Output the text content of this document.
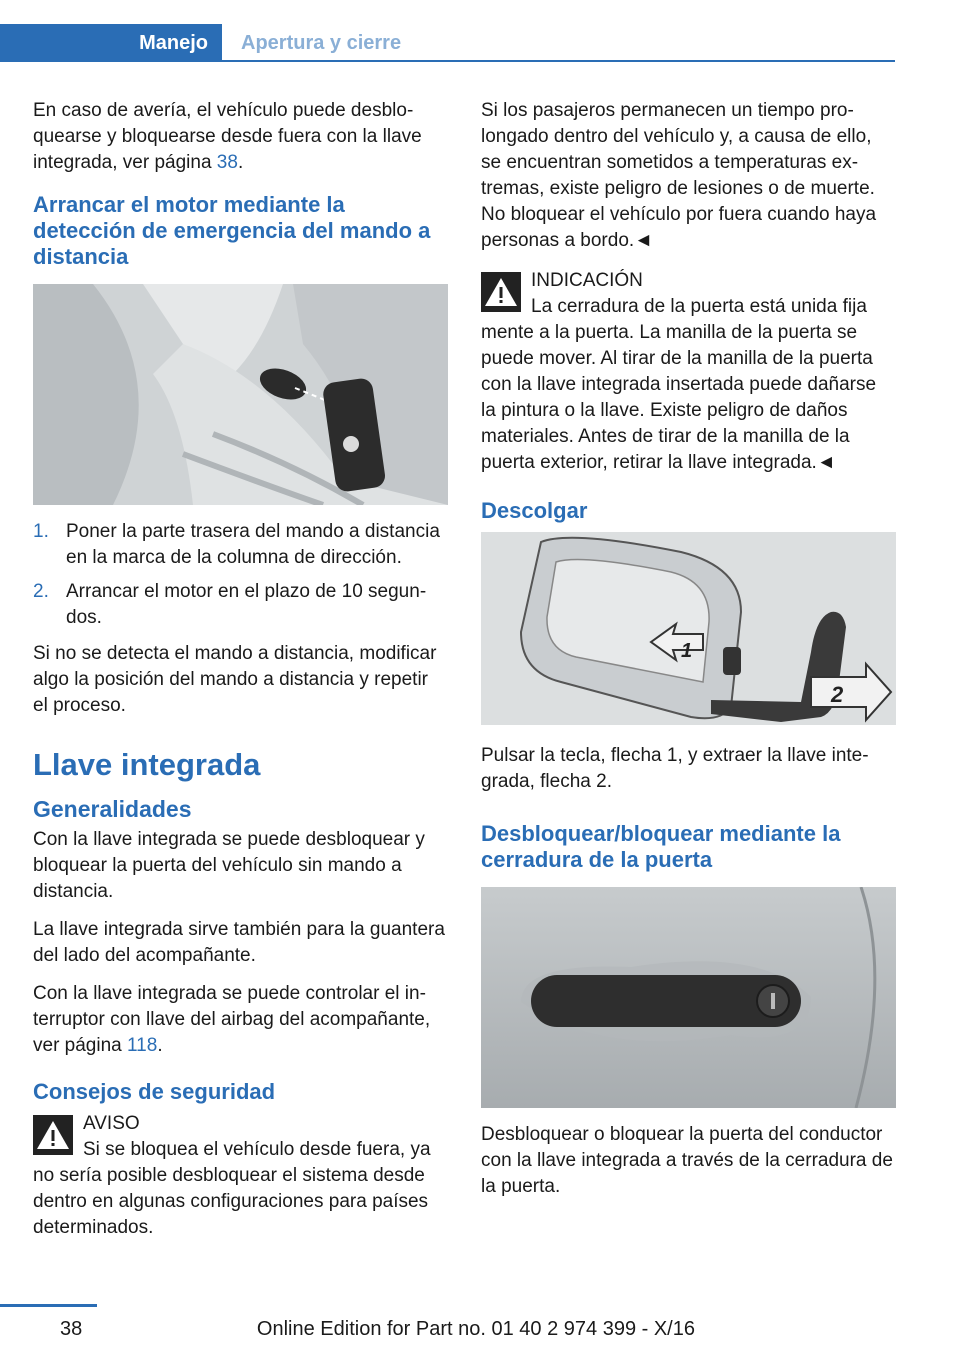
Manejo	Apertura y cierre

En caso de avería, el vehículo puede desbloquearse y bloquearse desde fuera con la llave integrada, ver página 38.

Arrancar el motor mediante la detección de emergencia del mando a distancia
1. Poner la parte trasera del mando a distancia en la marca de la columna de dirección.
2. Arrancar el motor en el plazo de 10 segundos.

Si no se detecta el mando a distancia, modificar algo la posición del mando a distancia y repetir el proceso.

Llave integrada
Generalidades

Con la llave integrada se puede desbloquear y bloquear la puerta del vehículo sin mando a distancia.

La llave integrada sirve también para la guantera del lado del acompañante.

Con la llave integrada se puede controlar el interruptor con llave del airbag del acompañante, ver página 118.

Consejos de seguridad
AVISO
Si se bloquea el vehículo desde fuera, ya
no sería posible desbloquear el sistema desde dentro en algunas configuraciones para países determinados.

Si los pasajeros permanecen un tiempo prolongado dentro del vehículo y, a causa de ello, se encuentran sometidos a temperaturas extremas, existe peligro de lesiones o de muerte. No bloquear el vehículo por fuera cuando haya personas a bordo.◄

INDICACIÓN
La cerradura de la puerta está unida fija
mente a la puerta. La manilla de la puerta se puede mover. Al tirar de la manilla de la puerta con la llave integrada insertada puede dañarse la pintura o la llave. Existe peligro de daños materiales. Antes de tirar de la manilla de la puerta exterior, retirar la llave integrada.◄
Descolgar
1
2

Pulsar la tecla, flecha 1, y extraer la llave integrada, flecha 2.

Desbloquear/bloquear mediante la cerradura de la puerta

Desbloquear o bloquear la puerta del conductor con la llave integrada a través de la cerradura de la puerta.

38	Online Edition for Part no. 01 40 2 974 399 - X/16
